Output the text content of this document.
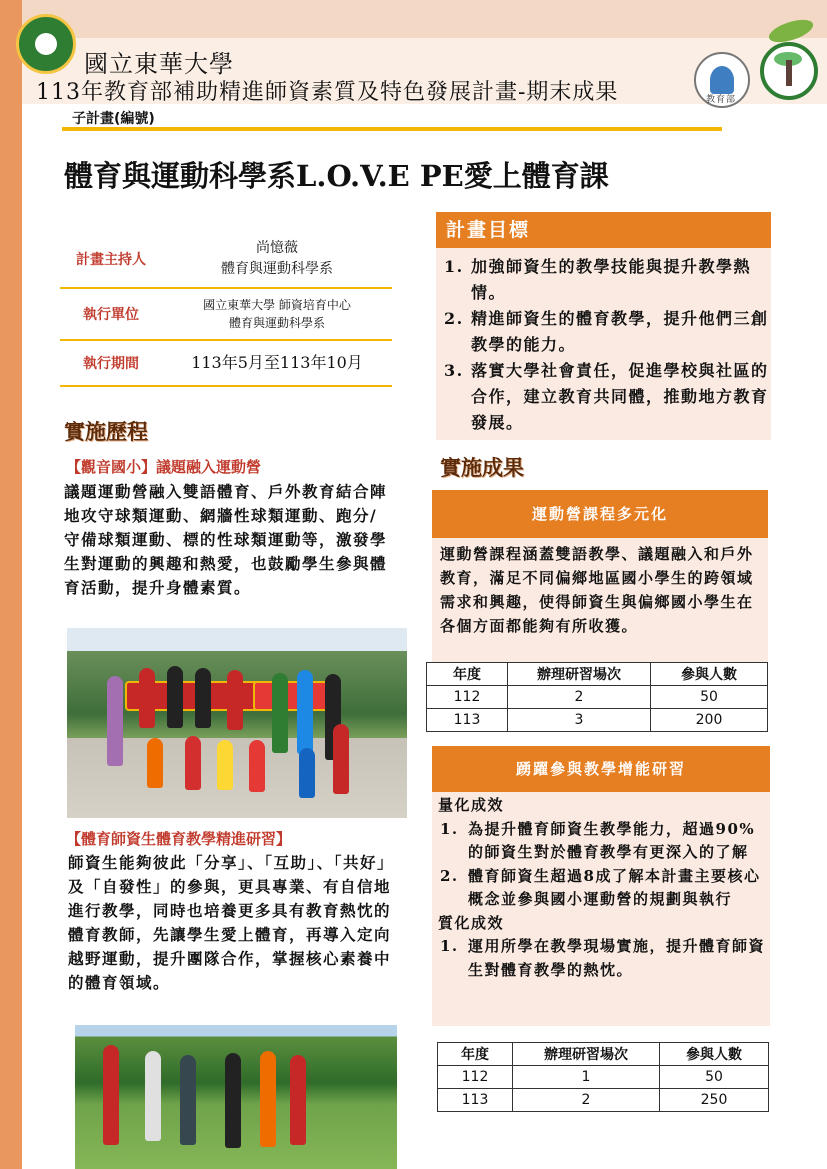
教育部
國立東華大學
113年教育部補助精進師資素質及特色發展計畫-期末成果
子計畫(編號)
體育與運動科學系L.O.V.E PE愛上體育課
計畫主持人	尚憶薇
體育與運動科學系

執行單位	國立東華大學 師資培育中心
體育與運動科學系

執行期間	113年5月至113年10月
實施歷程
【觀音國小】議題融入運動營
議題運動營融入雙語體育、戶外教育結合陣地攻守球類運動、網牆性球類運動、跑分/守備球類運動、標的性球類運動等，激發學生對運動的興趣和熱愛，也鼓勵學生參與體育活動，提升身體素質。
【體育師資生體育教學精進研習】
師資生能夠彼此「分享」、「互助」、「共好」及「自發性」的參與，更具專業、有自信地進行教學，同時也培養更多具有教育熱忱的體育教師，先讓學生愛上體育，再導入定向越野運動，提升團隊合作，掌握核心素養中的體育領域。
計畫目標
1. 加強師資生的教學技能與提升教學熱情。
2. 精進師資生的體育教學，提升他們三創教學的能力。
3. 落實大學社會責任，促進學校與社區的合作，建立教育共同體，推動地方教育發展。
實施成果
運動營課程多元化
運動營課程涵蓋雙語教學、議題融入和戶外教育，滿足不同偏鄉地區國小學生的跨領域需求和興趣，使得師資生與偏鄉國小學生在各個方面都能夠有所收獲。
年度	辦理研習場次	參與人數
112	2	50
113	3	200
踴躍參與教學增能研習
量化成效
1. 為提升體育師資生教學能力，超過90%的師資生對於體育教學有更深入的了解
2. 體育師資生超過8成了解本計畫主要核心概念並參與國小運動營的規劃與執行
質化成效
1. 運用所學在教學現場實施，提升體育師資生對體育教學的熱忱。
年度	辦理研習場次	參與人數
112	1	50
113	2	250
